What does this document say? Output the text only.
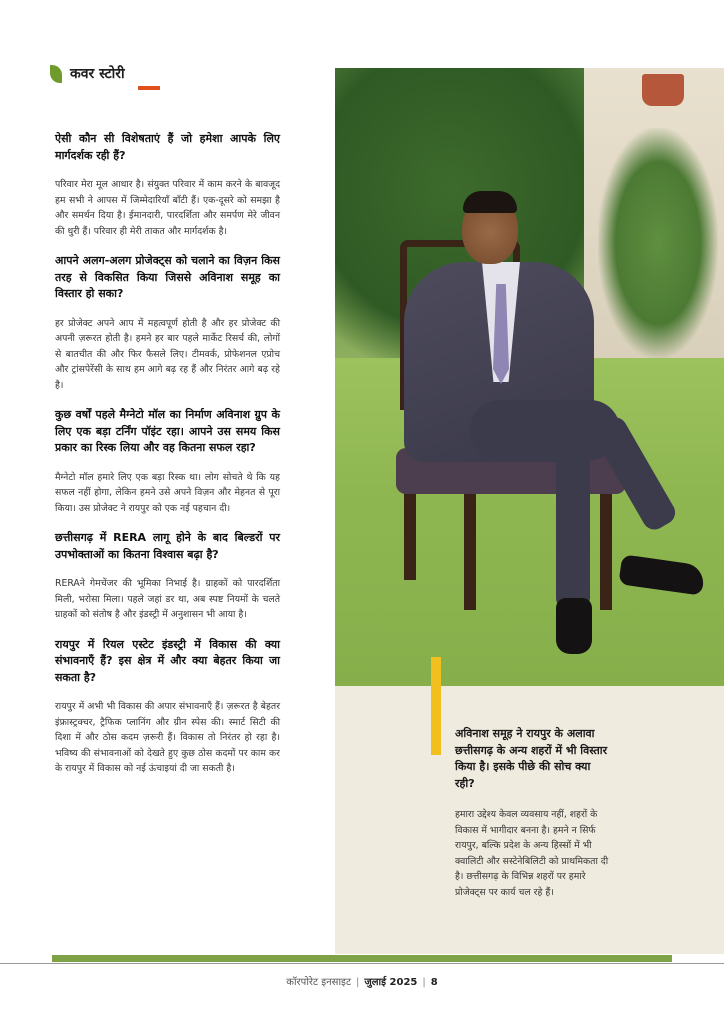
कवर स्टोरी

ऐसी कौन सी विशेषताएं हैं जो हमेशा आपके लिए मार्गदर्शक रही हैं?

परिवार मेरा मूल आधार है। संयुक्त परिवार में काम करने के बावजूद हम सभी ने आपस में जिम्मेदारियाँ बाँटी हैं। एक-दूसरे को समझा है और समर्थन दिया है। ईमानदारी, पारदर्शिता और समर्पण मेरे जीवन की धुरी हैं। परिवार ही मेरी ताकत और मार्गदर्शक है।

आपने अलग-अलग प्रोजेक्ट्स को चलाने का विज़न किस तरह से विकसित किया जिससे अविनाश समूह का विस्तार हो सका?

हर प्रोजेक्ट अपने आप में महत्वपूर्ण होती है और हर प्रोजेक्ट की अपनी ज़रूरत होती है। हमने हर बार पहले मार्केट रिसर्च की, लोगों से बातचीत की और फिर फैसले लिए। टीमवर्क, प्रोफेशनल एप्रोच और ट्रांसपेरेंसी के साथ हम आगे बढ़ रह हैं और निरंतर आगे बढ़ रहे है।

कुछ वर्षों पहले मैग्नेटो मॉल का निर्माण अविनाश ग्रुप के लिए एक बड़ा टर्निंग पॉइंट रहा। आपने उस समय किस प्रकार का रिस्क लिया और वह कितना सफल रहा?

मैग्नेटो मॉल हमारे लिए एक बड़ा रिस्क था। लोग सोचते थे कि यह सफल नहीं होगा, लेकिन हमने उसे अपने विज़न और मेहनत से पूरा किया। उस प्रोजेक्ट ने रायपुर को एक नई पहचान दी।

छत्तीसगढ़ में RERA लागू होने के बाद बिल्डरों पर उपभोक्ताओं का कितना विश्वास बढ़ा है?

RERAने गेमचेंजर की भूमिका निभाई है। ग्राहकों को पारदर्शिता मिली, भरोसा मिला। पहले जहां डर था, अब स्पष्ट नियमों के चलते ग्राहकों को संतोष है और इंडस्ट्री में अनुशासन भी आया है।

रायपुर में रियल एस्टेट इंडस्ट्री में विकास की क्या संभावनाएँ हैं? इस क्षेत्र में और क्या बेहतर किया जा सकता है?

रायपुर में अभी भी विकास की अपार संभावनाएँ हैं। ज़रूरत है बेहतर इंफ्रास्ट्रक्चर, ट्रैफिक प्लानिंग और ग्रीन स्पेस की। स्मार्ट सिटी की दिशा में और ठोस कदम ज़रूरी हैं। विकास तो निरंतर हो रहा है। भविष्य की संभावनाओं को देखते हुए कुछ ठोस कदमों पर काम कर के रायपुर में विकास को नई ऊंचाइयां दी जा सकती है।

अविनाश समूह ने रायपुर के अलावा छत्तीसगढ़ के अन्य शहरों में भी विस्तार किया है। इसके पीछे की सोच क्या रही?

हमारा उद्देश्य केवल व्यवसाय नहीं, शहरों के विकास में भागीदार बनना है। हमने न सिर्फ रायपुर, बल्कि प्रदेश के अन्य हिस्सों में भी क्वालिटी और सस्टेनेबिलिटी को प्राथमिकता दी है। छत्तीसगढ़ के विभिन्न शहरों पर हमारे प्रोजेक्ट्स पर कार्य चल रहे हैं।

कॉरपोरेट इनसाइट | जुलाई 2025 | 8
